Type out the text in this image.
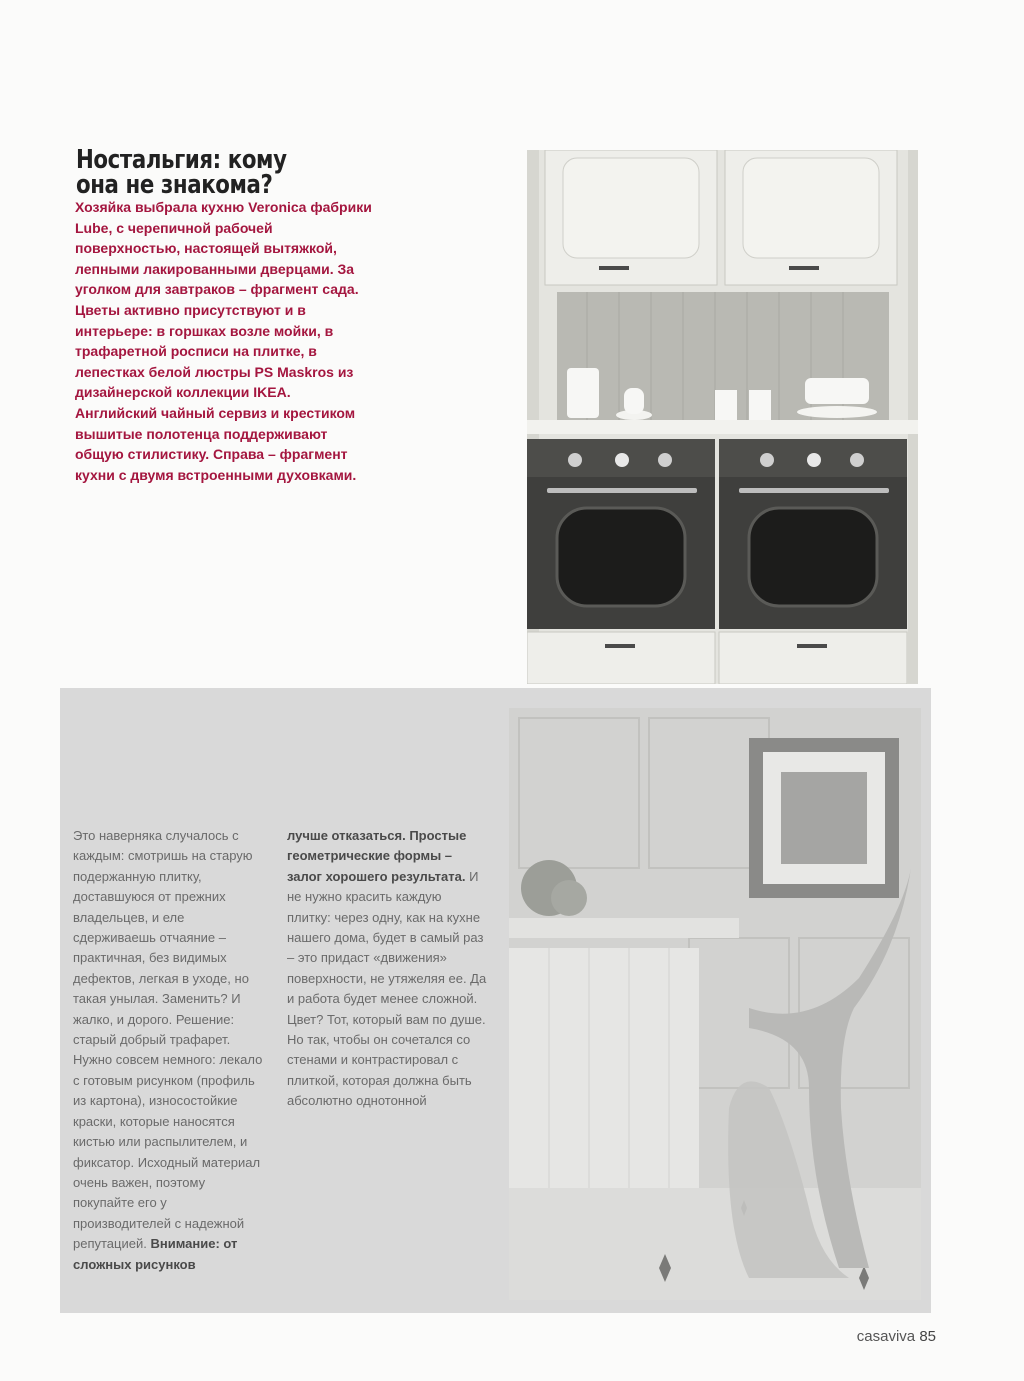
Ностальгия: кому
она не знакома?

Хозяйка выбрала кухню Veronica фабрики Lube, с черепичной рабочей поверхностью, настоящей вытяжкой, лепными лакированными дверцами. За уголком для завтраков – фрагмент сада. Цветы активно присутствуют и в интерьере: в горшках возле мойки, в трафаретной росписи на плитке, в лепестках белой люстры PS Maskros из дизайнерской коллекции IKEA. Английский чайный сервиз и крестиком вышитые полотенца поддерживают общую стилистику. Справа – фрагмент кухни с двумя встроенными духовками.

Это наверняка случалось с каждым: смотришь на старую подержанную плитку, доставшуюся от прежних владельцев, и еле сдерживаешь отчаяние – практичная, без видимых дефектов, легкая в уходе, но такая унылая. Заменить? И жалко, и дорого. Решение: старый добрый трафарет. Нужно совсем немного: лекало с готовым рисунком (профиль из картона), износостойкие краски, которые наносятся кистью или распылителем, и фиксатор. Исходный материал очень важен, поэтому покупайте его у производителей с надежной репутацией. Внимание: от сложных рисунков

лучше отказаться. Простые геометрические формы – залог хорошего результата. И не нужно красить каждую плитку: через одну, как на кухне нашего дома, будет в самый раз – это придаст «движения» поверхности, не утяжеляя ее. Да и работа будет менее сложной. Цвет? Тот, который вам по душе. Но так, чтобы он сочетался со стенами и контрастировал с плиткой, которая должна быть абсолютно однотонной

casaviva 85
